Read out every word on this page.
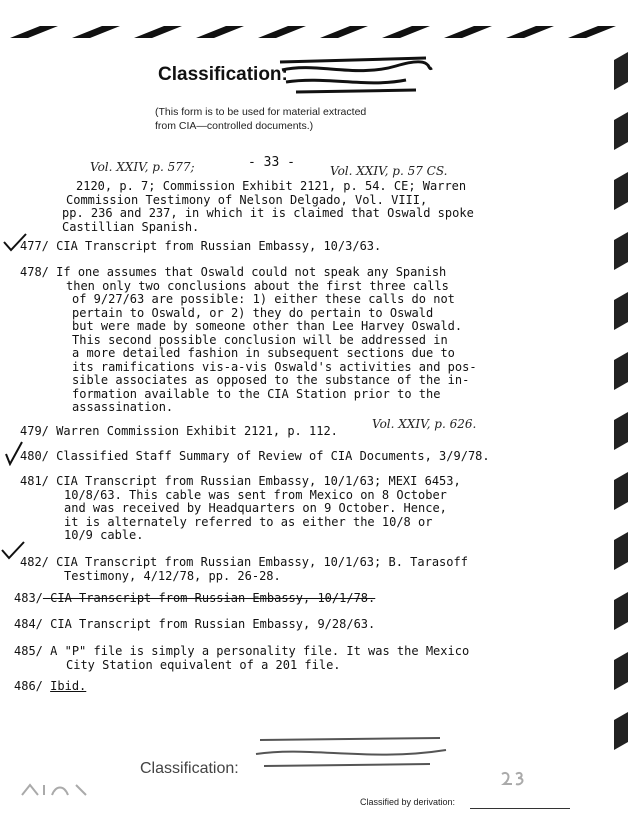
Classification:
(This form is to be used for material extracted
from CIA—controlled documents.)
- 33 -
Vol. XXIV, p. 577;	Vol. XXIV, p. 57 CS.
Vol. XXIV, p. 626.
2120, p. 7; Commission Exhibit 2121, p. 54. CE; Warren
Commission Testimony of Nelson Delgado, Vol. VIII,
pp. 236 and 237, in which it is claimed that Oswald spoke
Castillian Spanish.
477/ CIA Transcript from Russian Embassy, 10/3/63.
478/ If one assumes that Oswald could not speak any Spanish
then only two conclusions about the first three calls
of 9/27/63 are possible: 1) either these calls do not
pertain to Oswald, or 2) they do pertain to Oswald
but were made by someone other than Lee Harvey Oswald.
This second possible conclusion will be addressed in
a more detailed fashion in subsequent sections due to
its ramifications vis-a-vis Oswald's activities and pos-
sible associates as opposed to the substance of the in-
formation available to the CIA Station prior to the
assassination.
479/ Warren Commission Exhibit 2121, p. 112.
480/ Classified Staff Summary of Review of CIA Documents, 3/9/78.
481/ CIA Transcript from Russian Embassy, 10/1/63; MEXI 6453,
10/8/63. This cable was sent from Mexico on 8 October
and was received by Headquarters on 9 October. Hence,
it is alternately referred to as either the 10/8 or
10/9 cable.
482/ CIA Transcript from Russian Embassy, 10/1/63; B. Tarasoff
Testimony, 4/12/78, pp. 26-28.
483/ CIA Transcript from Russian Embassy, 10/1/78.
484/ CIA Transcript from Russian Embassy, 9/28/63.
485/ A "P" file is simply a personality file. It was the Mexico
City Station equivalent of a 201 file.
486/ Ibid.
Classification:
Classified by derivation:
